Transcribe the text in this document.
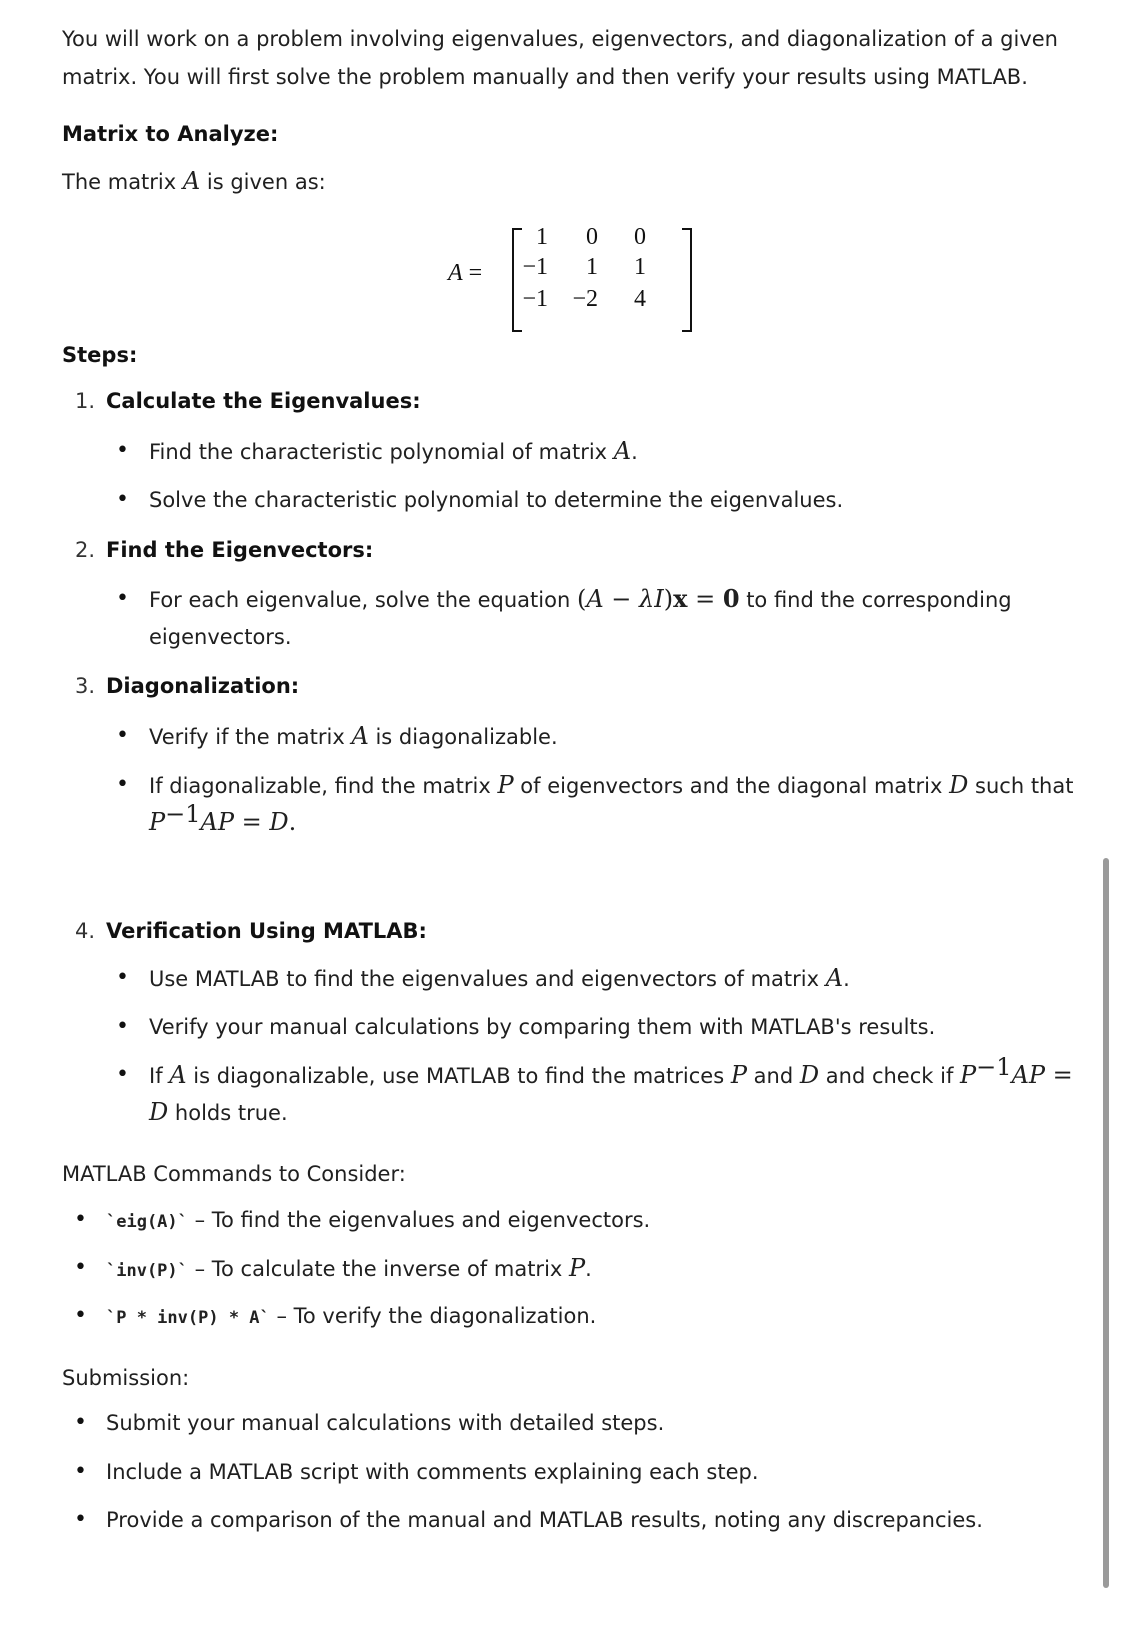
You will work on a problem involving eigenvalues, eigenvectors, and diagonalization of a given
matrix. You will first solve the problem manually and then verify your results using MATLAB.
Matrix to Analyze:
The matrix A is given as:
A =
1	0	0
−1	1	1
−1	−2	4
Steps:
1. Calculate the Eigenvalues:
• Find the characteristic polynomial of matrix A.
• Solve the characteristic polynomial to determine the eigenvalues.
2. Find the Eigenvectors:
• For each eigenvalue, solve the equation (A − λI)x = 0 to find the corresponding
eigenvectors.
3. Diagonalization:
• Verify if the matrix A is diagonalizable.
• If diagonalizable, find the matrix P of eigenvectors and the diagonal matrix D such that
$P^{-1}AP = D$.
4. Verification Using MATLAB:
• Use MATLAB to find the eigenvalues and eigenvectors of matrix A.
• Verify your manual calculations by comparing them with MATLAB's results.
• If A is diagonalizable, use MATLAB to find the matrices P and D and check if $P^{-1}AP$ =
D holds true.
MATLAB Commands to Consider:
• `eig(A)` – To find the eigenvalues and eigenvectors.
• `inv(P)` – To calculate the inverse of matrix P.
• `P * inv(P) * A` – To verify the diagonalization.
Submission:
• Submit your manual calculations with detailed steps.
• Include a MATLAB script with comments explaining each step.
• Provide a comparison of the manual and MATLAB results, noting any discrepancies.
